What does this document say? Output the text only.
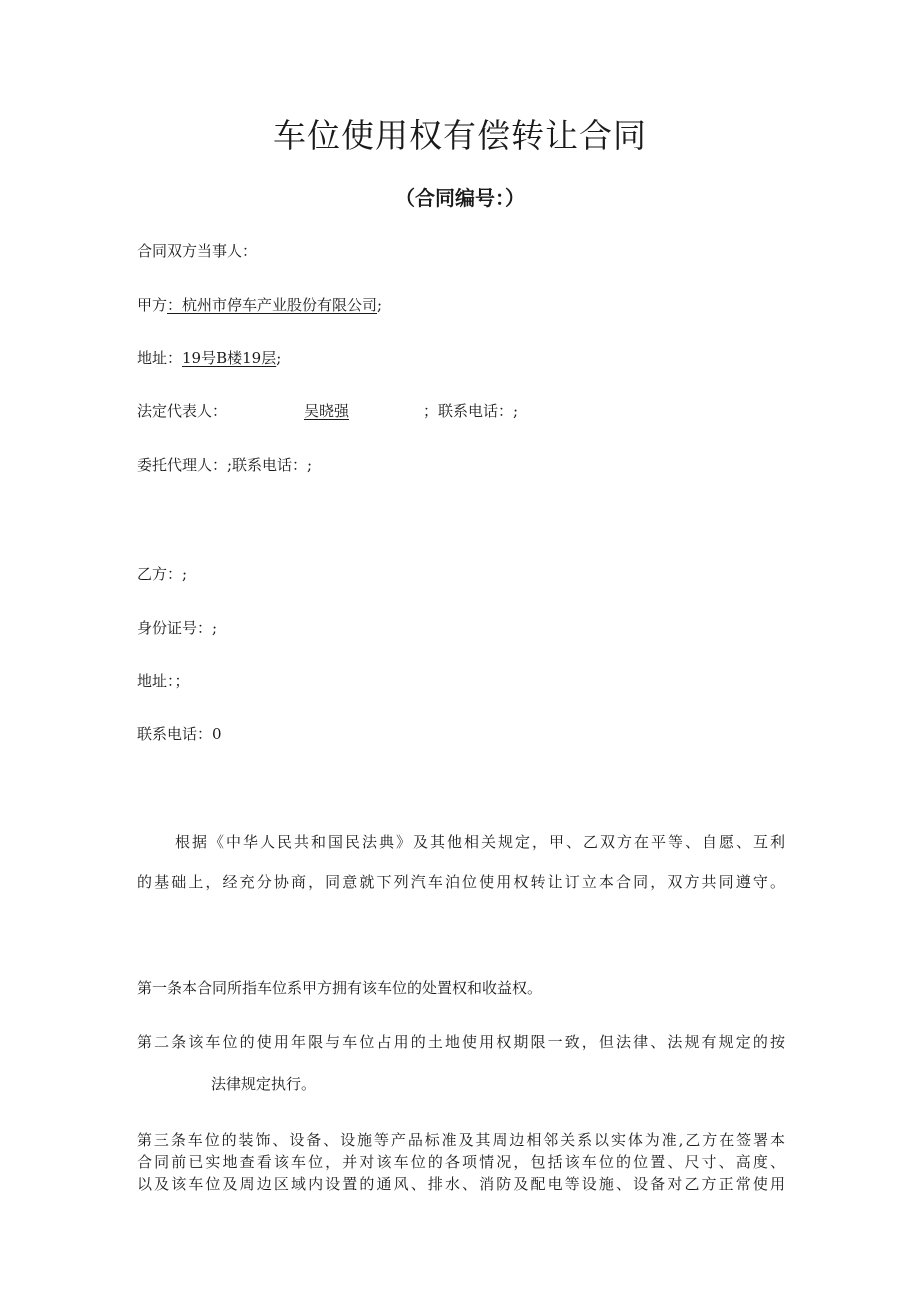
车位使用权有偿转让合同
（合同编号：）
合同双方当事人：
甲方：杭州市停车产业股份有限公司;
地址：19号B楼19层;
法定代表人：	吴晓强	；联系电话：;
委托代理人：;联系电话：;
乙方：;
身份证号：;
地址：；
联系电话：0
根据《中华人民共和国民法典》及其他相关规定，甲、乙双方在平等、自愿、互利
的基础上，经充分协商，同意就下列汽车泊位使用权转让订立本合同，双方共同遵守。
第一条本合同所指车位系甲方拥有该车位的处置权和收益权。
第二条该车位的使用年限与车位占用的土地使用权期限一致，但法律、法规有规定的按
法律规定执行。
第三条车位的装饰、设备、设施等产品标准及其周边相邻关系以实体为准,乙方在签署本
合同前已实地查看该车位，并对该车位的各项情况，包括该车位的位置、尺寸、高度、
以及该车位及周边区域内设置的通风、排水、消防及配电等设施、设备对乙方正常使用
